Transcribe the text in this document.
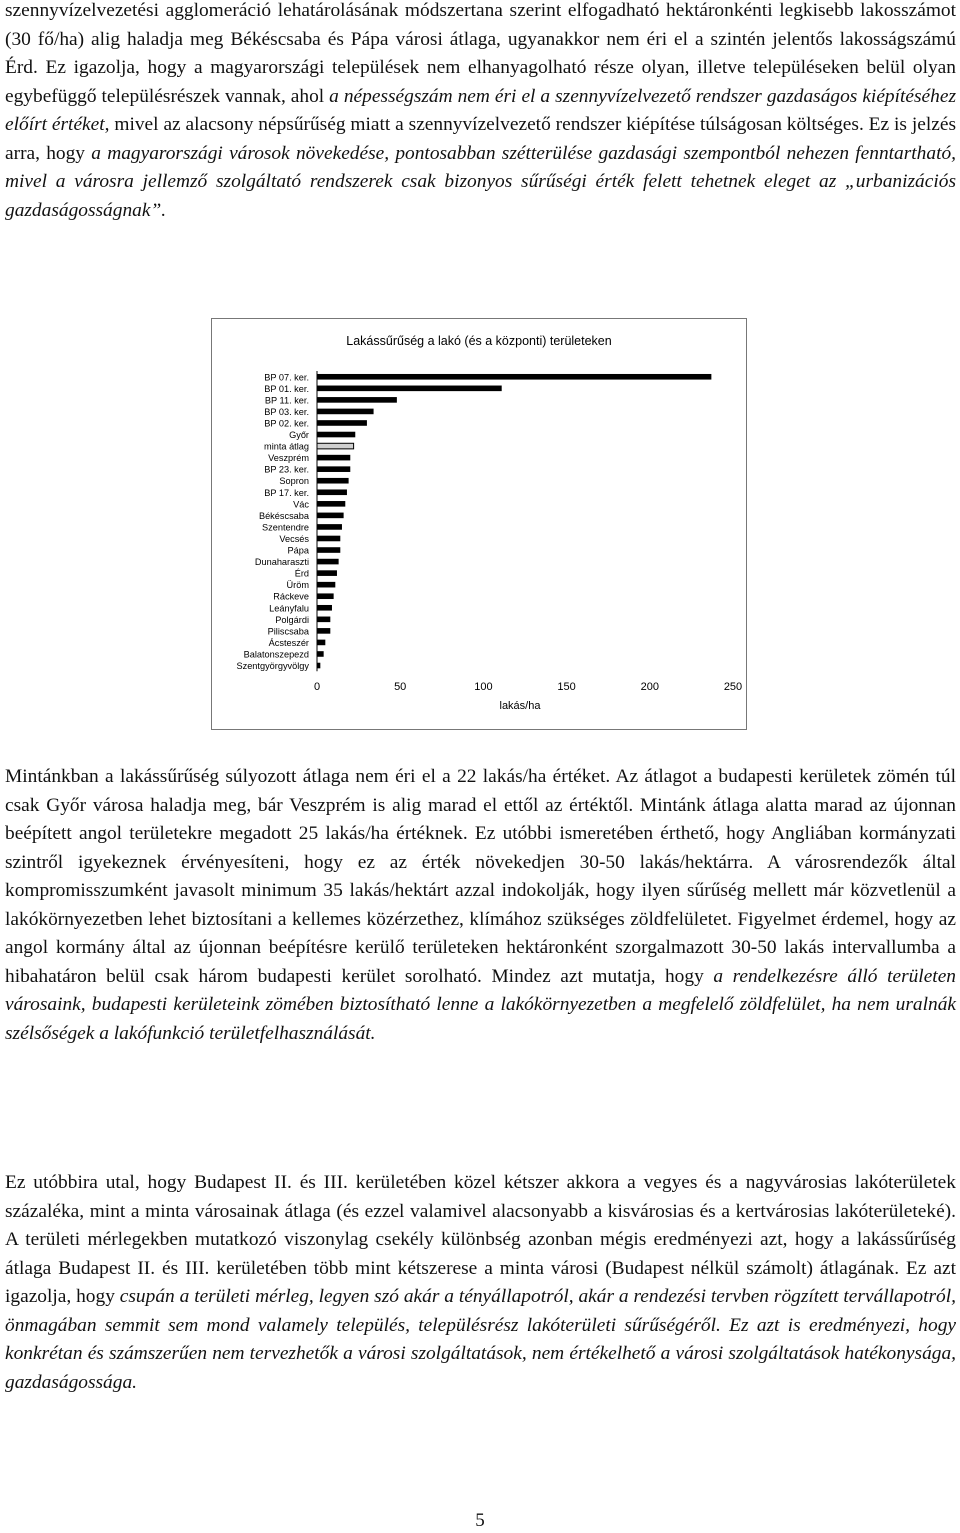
szennyvízelvezetési agglomeráció lehatárolásának módszertana szerint elfogadható hektáronkénti legkisebb lakosszámot (30 fő/ha) alig haladja meg Békéscsaba és Pápa városi átlaga, ugyanakkor nem éri el a szintén jelentős lakosságszámú Érd. Ez igazolja, hogy a magyarországi települések nem elhanyagolható része olyan, illetve településeken belül olyan egybefüggő településrészek vannak, ahol a népességszám nem éri el a szennyvízelvezető rendszer gazdaságos kiépítéséhez előírt értéket, mivel az alacsony népsűrűség miatt a szennyvízelvezető rendszer kiépítése túlságosan költséges. Ez is jelzés arra, hogy a magyarországi városok növekedése, pontosabban szétterülése gazdasági szempontból nehezen fenntartható, mivel a városra jellemző szolgáltató rendszerek csak bizonyos sűrűségi érték felett tehetnek eleget az „urbanizációs gazdaságosságnak”.

Lakássűrűség a lakó (és a központi) területeken
BP 07. ker.
BP 01. ker.
BP 11. ker.
BP 03. ker.
BP 02. ker.
Győr
minta átlag
Veszprém
BP 23. ker.
Sopron
BP 17. ker.
Vác
Békéscsaba
Szentendre
Vecsés
Pápa
Dunaharaszti
Érd
Üröm
Ráckeve
Leányfalu
Polgárdi
Piliscsaba
Ácsteszér
Balatonszepezd
Szentgyörgyvölgy
0	50	100	150	200	250
lakás/ha

Mintánkban a lakássűrűség súlyozott átlaga nem éri el a 22 lakás/ha értéket. Az átlagot a budapesti kerületek zömén túl csak Győr városa haladja meg, bár Veszprém is alig marad el ettől az értéktől. Mintánk átlaga alatta marad az újonnan beépített angol területekre megadott 25 lakás/ha értéknek. Ez utóbbi ismeretében érthető, hogy Angliában kormányzati szintről igyekeznek érvényesíteni, hogy ez az érték növekedjen 30-50 lakás/hektárra. A városrendezők által kompromisszumként javasolt minimum 35 lakás/hektárt azzal indokolják, hogy ilyen sűrűség mellett már közvetlenül a lakókörnyezetben lehet biztosítani a kellemes közérzethez, klímához szükséges zöldfelületet. Figyelmet érdemel, hogy az angol kormány által az újonnan beépítésre kerülő területeken hektáronként szorgalmazott 30-50 lakás intervallumba a hibahatáron belül csak három budapesti kerület sorolható. Mindez azt mutatja, hogy a rendelkezésre álló területen városaink, budapesti kerületeink zömében biztosítható lenne a lakókörnyezetben a megfelelő zöldfelület, ha nem uralnák szélsőségek a lakófunkció területfelhasználását.

Ez utóbbira utal, hogy Budapest II. és III. kerületében közel kétszer akkora a vegyes és a nagyvárosias lakóterületek százaléka, mint a minta városainak átlaga (és ezzel valamivel alacsonyabb a kisvárosias és a kertvárosias lakóterületeké). A területi mérlegekben mutatkozó viszonylag csekély különbség azonban mégis eredményezi azt, hogy a lakássűrűség átlaga Budapest II. és III. kerületében több mint kétszerese a minta városi (Budapest nélkül számolt) átlagának. Ez azt igazolja, hogy csupán a területi mérleg, legyen szó akár a tényállapotról, akár a rendezési tervben rögzített tervállapotról, önmagában semmit sem mond valamely település, településrész lakóterületi sűrűségéről. Ez azt is eredményezi, hogy konkrétan és számszerűen nem tervezhetők a városi szolgáltatások, nem értékelhető a városi szolgáltatások hatékonysága, gazdaságossága.

5
